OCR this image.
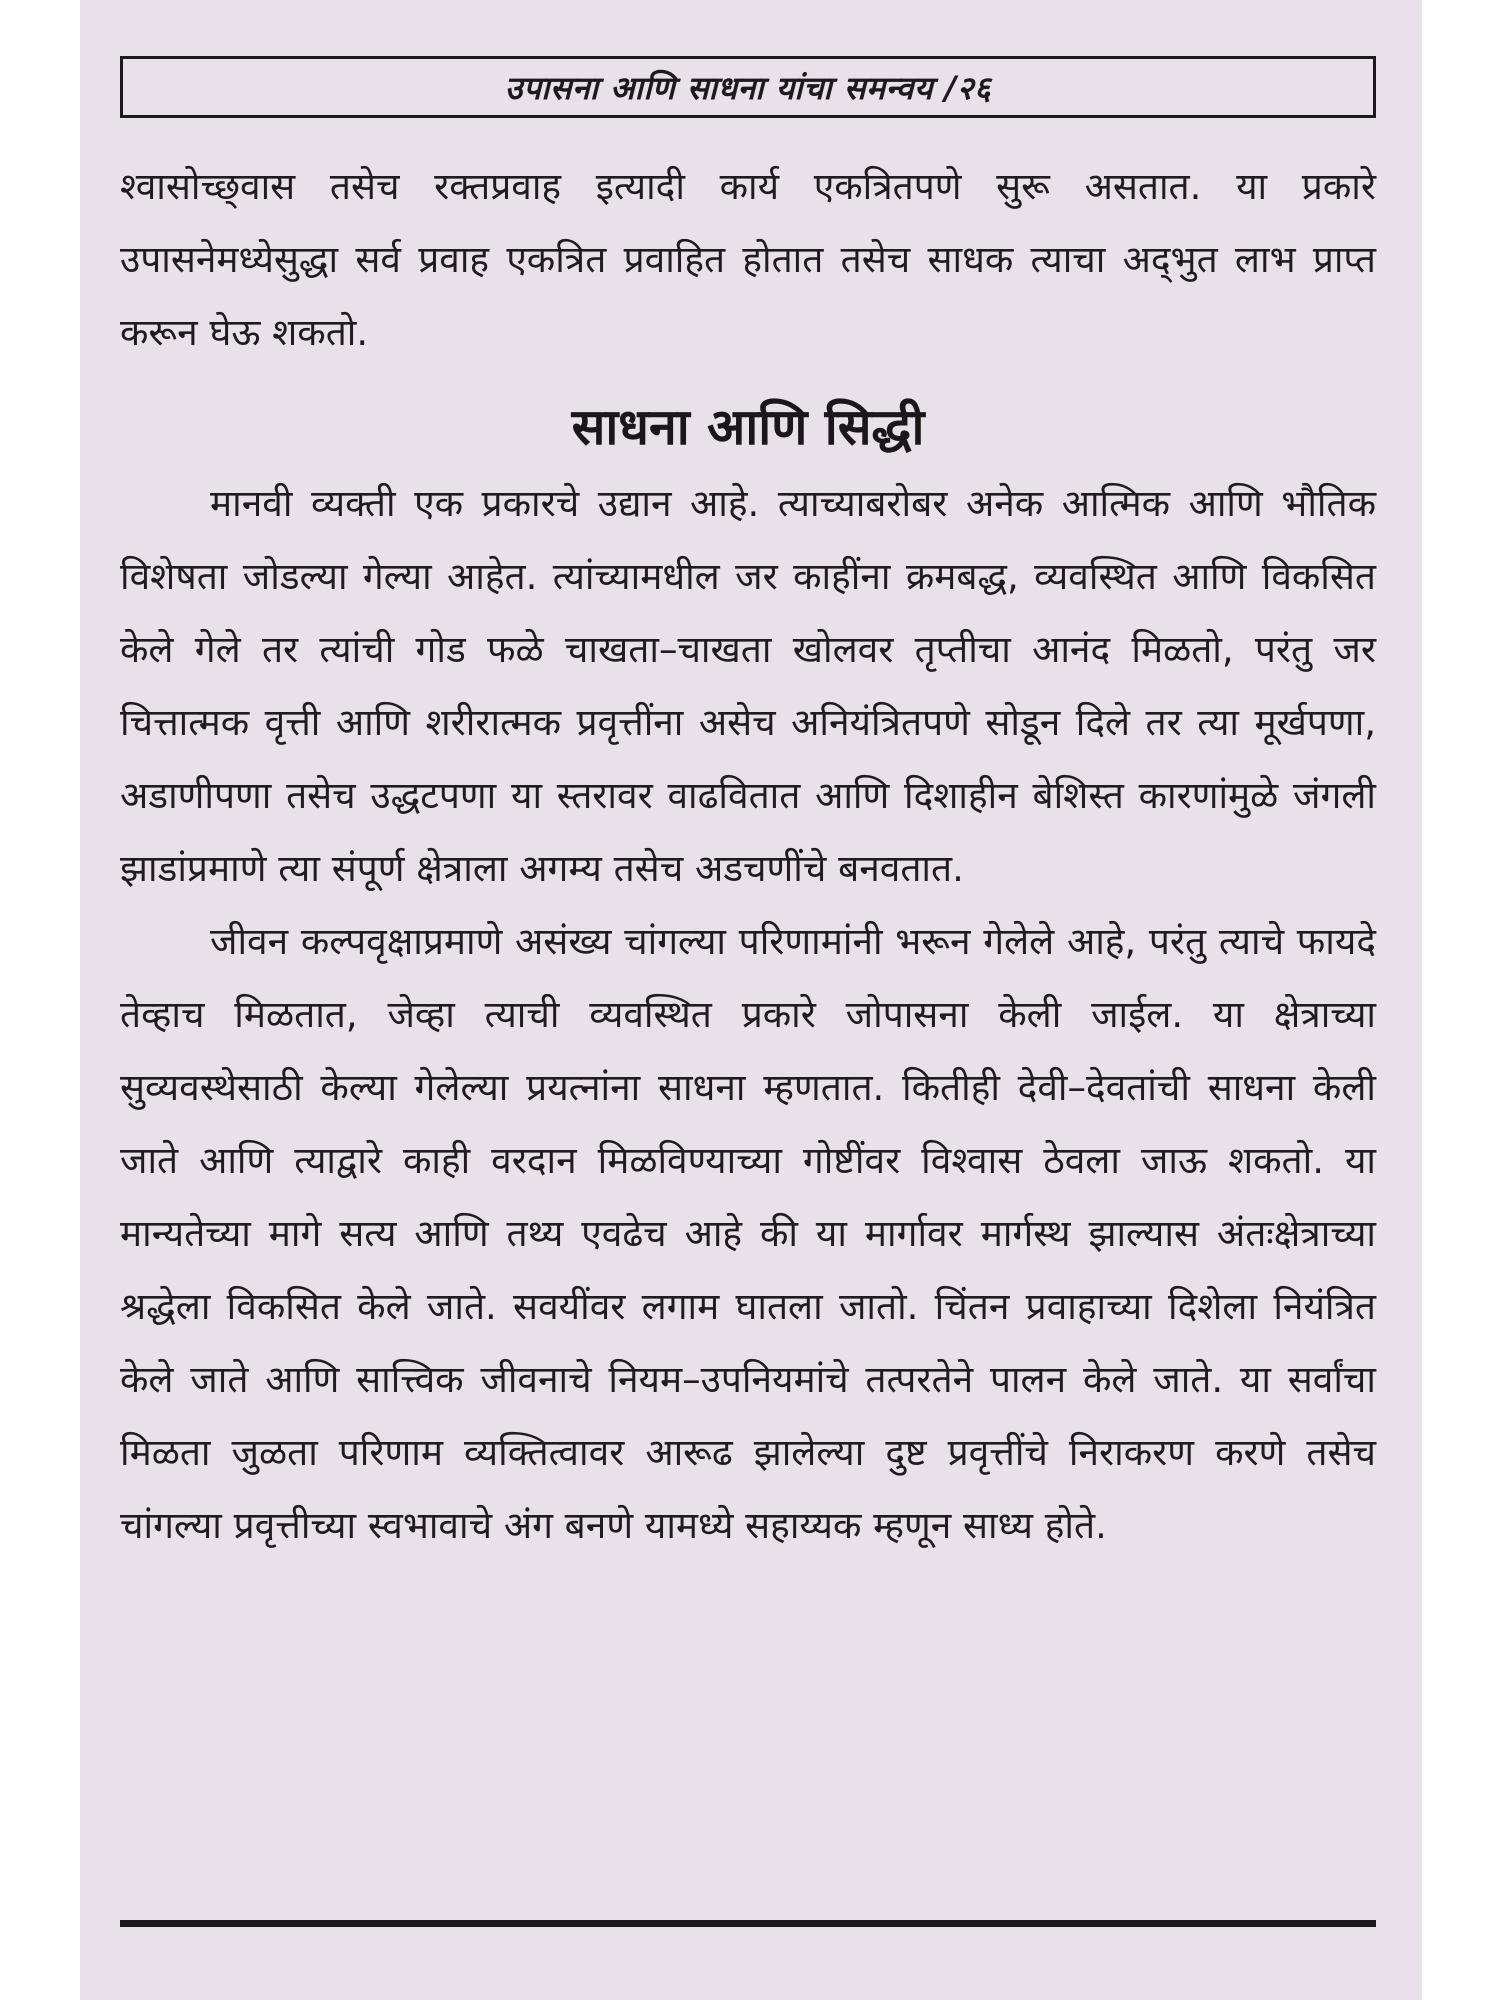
उपासना आणि साधना यांचा समन्वय /२६

श्वासोच्छ्‌वास तसेच रक्तप्रवाह इत्यादी कार्य एकत्रितपणे सुरू असतात. या प्रकारे उपासनेमध्येसुद्धा सर्व प्रवाह एकत्रित प्रवाहित होतात तसेच साधक त्याचा अद्‌भुत लाभ प्राप्त करून घेऊ शकतो.

साधना आणि सिद्धी

मानवी व्यक्ती एक प्रकारचे उद्यान आहे. त्याच्याबरोबर अनेक आत्मिक आणि भौतिक विशेषता जोडल्या गेल्या आहेत. त्यांच्यामधील जर काहींना क्रमबद्ध, व्यवस्थित आणि विकसित केले गेले तर त्यांची गोड फळे चाखता–चाखता खोलवर तृप्तीचा आनंद मिळतो, परंतु जर चित्तात्मक वृत्ती आणि शरीरात्मक प्रवृत्तींना असेच अनियंत्रितपणे सोडून दिले तर त्या मूर्खपणा, अडाणीपणा तसेच उद्धटपणा या स्तरावर वाढवितात आणि दिशाहीन बेशिस्त कारणांमुळे जंगली झाडांप्रमाणे त्या संपूर्ण क्षेत्राला अगम्य तसेच अडचणींचे बनवतात.

जीवन कल्पवृक्षाप्रमाणे असंख्य चांगल्या परिणामांनी भरून गेलेले आहे, परंतु त्याचे फायदे तेव्हाच मिळतात, जेव्हा त्याची व्यवस्थित प्रकारे जोपासना केली जाईल. या क्षेत्राच्या सुव्यवस्थेसाठी केल्या गेलेल्या प्रयत्नांना साधना म्हणतात. कितीही देवी–देवतांची साधना केली जाते आणि त्याद्वारे काही वरदान मिळविण्याच्या गोष्टींवर विश्वास ठेवला जाऊ शकतो. या मान्यतेच्या मागे सत्य आणि तथ्य एवढेच आहे की या मार्गावर मार्गस्थ झाल्यास अंतःक्षेत्राच्या श्रद्धेला विकसित केले जाते. सवयींवर लगाम घातला जातो. चिंतन प्रवाहाच्या दिशेला नियंत्रित केले जाते आणि सात्त्विक जीवनाचे नियम–उपनियमांचे तत्परतेने पालन केले जाते. या सर्वांचा मिळता जुळता परिणाम व्यक्तित्वावर आरूढ झालेल्या दुष्ट प्रवृत्तींचे निराकरण करणे तसेच चांगल्या प्रवृत्तीच्या स्वभावाचे अंग बनणे यामध्ये सहाय्यक म्हणून साध्य होते.
